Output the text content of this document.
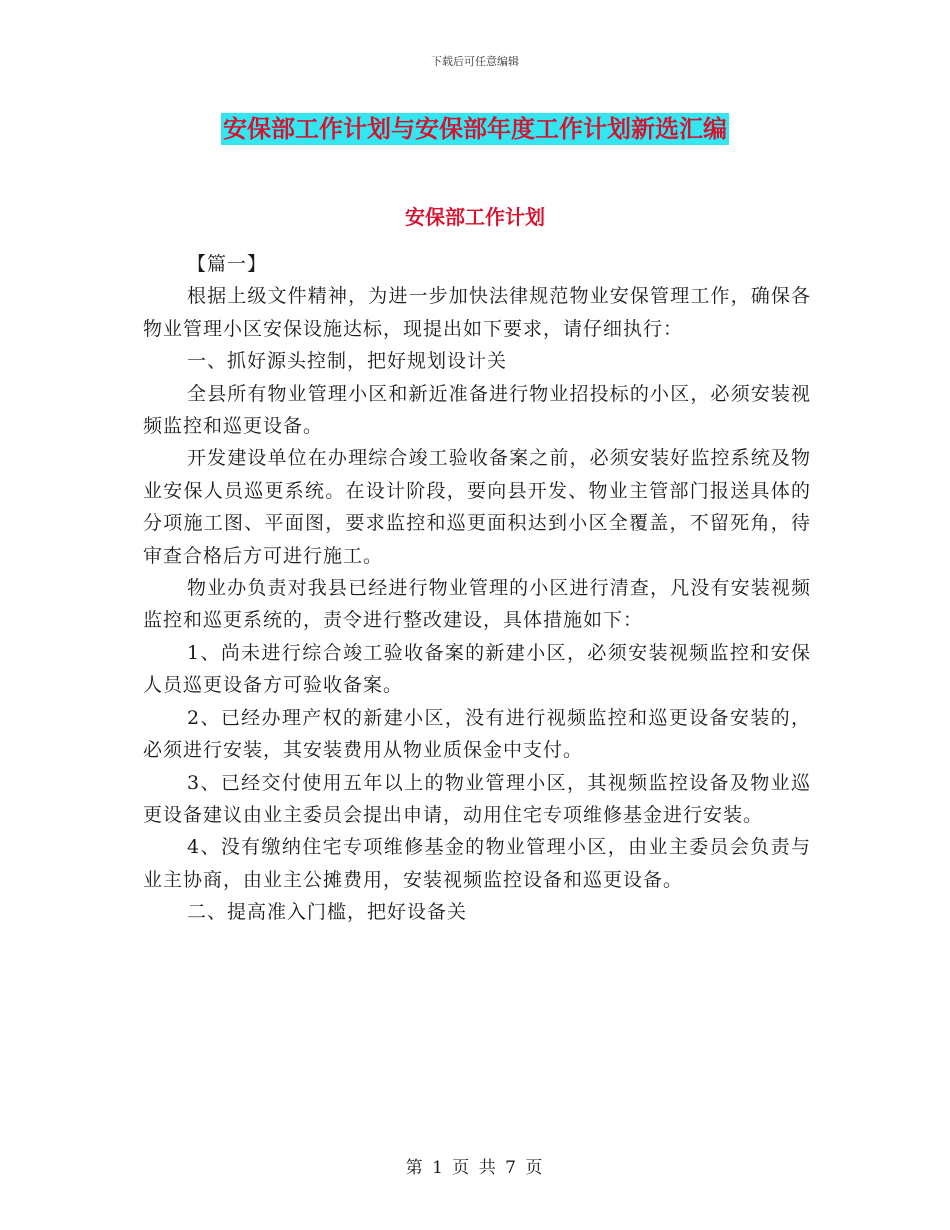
下载后可任意编辑
安保部工作计划与安保部年度工作计划新选汇编
安保部工作计划

【篇一】

根据上级文件精神，为进一步加快法律规范物业安保管理工作，确保各物业管理小区安保设施达标，现提出如下要求，请仔细执行：

一、抓好源头控制，把好规划设计关

全县所有物业管理小区和新近准备进行物业招投标的小区，必须安装视频监控和巡更设备。

开发建设单位在办理综合竣工验收备案之前，必须安装好监控系统及物业安保人员巡更系统。在设计阶段，要向县开发、物业主管部门报送具体的分项施工图、平面图，要求监控和巡更面积达到小区全覆盖，不留死角，待审查合格后方可进行施工。

物业办负责对我县已经进行物业管理的小区进行清查，凡没有安装视频监控和巡更系统的，责令进行整改建设，具体措施如下：

1、尚未进行综合竣工验收备案的新建小区，必须安装视频监控和安保人员巡更设备方可验收备案。

2、已经办理产权的新建小区，没有进行视频监控和巡更设备安装的，必须进行安装，其安装费用从物业质保金中支付。

3、已经交付使用五年以上的物业管理小区，其视频监控设备及物业巡更设备建议由业主委员会提出申请，动用住宅专项维修基金进行安装。

4、没有缴纳住宅专项维修基金的物业管理小区，由业主委员会负责与业主协商，由业主公摊费用，安装视频监控设备和巡更设备。

二、提高准入门槛，把好设备关

第 1 页 共 7 页
